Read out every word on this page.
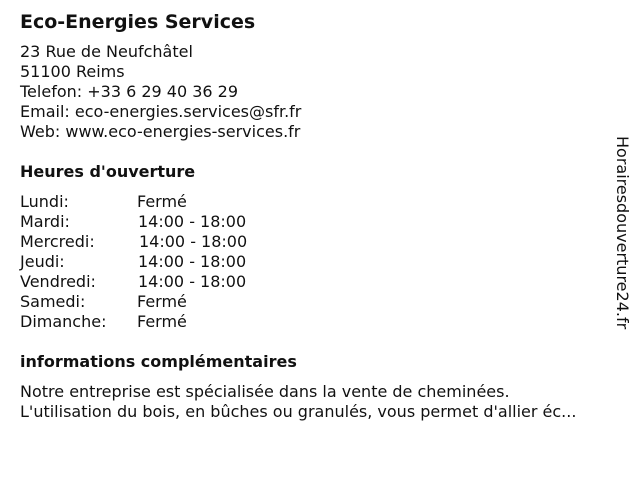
Eco-Energies Services
23 Rue de Neufchâtel
51100 Reims
Telefon: +33 6 29 40 36 29
Email: eco-energies.services@sfr.fr
Web: www.eco-energies-services.fr
Heures d'ouverture
Lundi:	Fermé
Mardi:	14:00 - 18:00
Mercredi:	14:00 - 18:00
Jeudi:	14:00 - 18:00
Vendredi:	14:00 - 18:00
Samedi:	Fermé
Dimanche:	Fermé
informations complémentaires
Notre entreprise est spécialisée dans la vente de cheminées. L'utilisation du bois, en bûches ou granulés, vous permet d'allier éc...
Horairesdouverture24.fr
